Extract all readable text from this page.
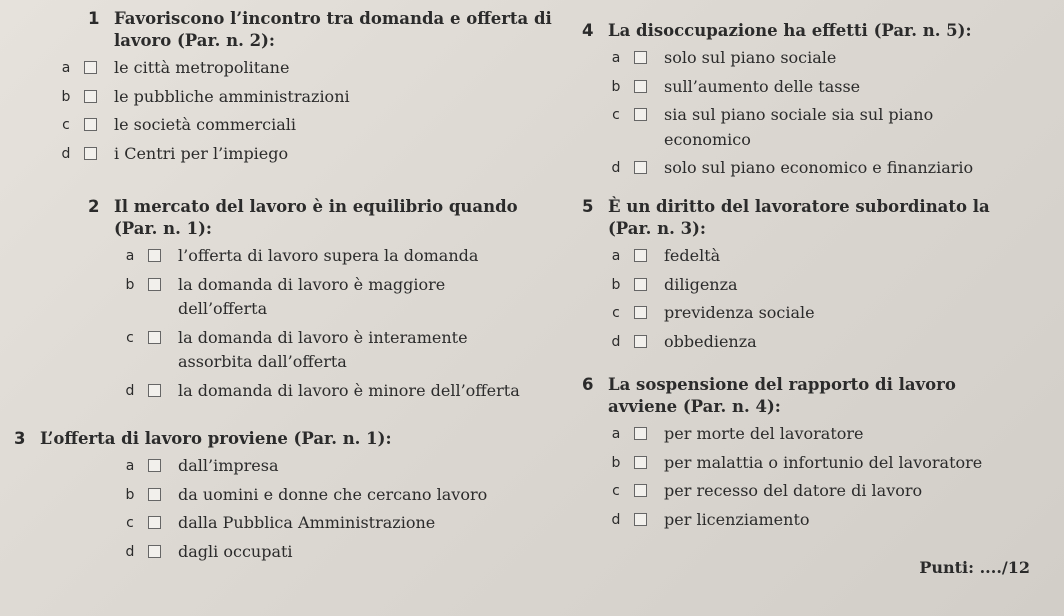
1 Favoriscono l’incontro tra domanda e offerta di lavoro (Par. n. 2):
a	le città metropolitane
b	le pubbliche amministrazioni
c	le società commerciali
d	i Centri per l’impiego
2 Il mercato del lavoro è in equilibrio quando (Par. n. 1):
a	l’offerta di lavoro supera la domanda
b	la domanda di lavoro è maggiore dell’offerta
c	la domanda di lavoro è interamente assorbita dall’offerta
d	la domanda di lavoro è minore dell’offerta
3 L’offerta di lavoro proviene (Par. n. 1):
a	dall’impresa
b	da uomini e donne che cercano lavoro
c	dalla Pubblica Amministrazione
d	dagli occupati
4 La disoccupazione ha effetti (Par. n. 5):
a	solo sul piano sociale
b	sull’aumento delle tasse
c	sia sul piano sociale sia sul piano economico
d	solo sul piano economico e finanziario
5 È un diritto del lavoratore subordinato la (Par. n. 3):
a	fedeltà
b	diligenza
c	previdenza sociale
d	obbedienza
6 La sospensione del rapporto di lavoro avviene (Par. n. 4):
a	per morte del lavoratore
b	per malattia o infortunio del lavoratore
c	per recesso del datore di lavoro
d	per licenziamento
Punti: ..../12
